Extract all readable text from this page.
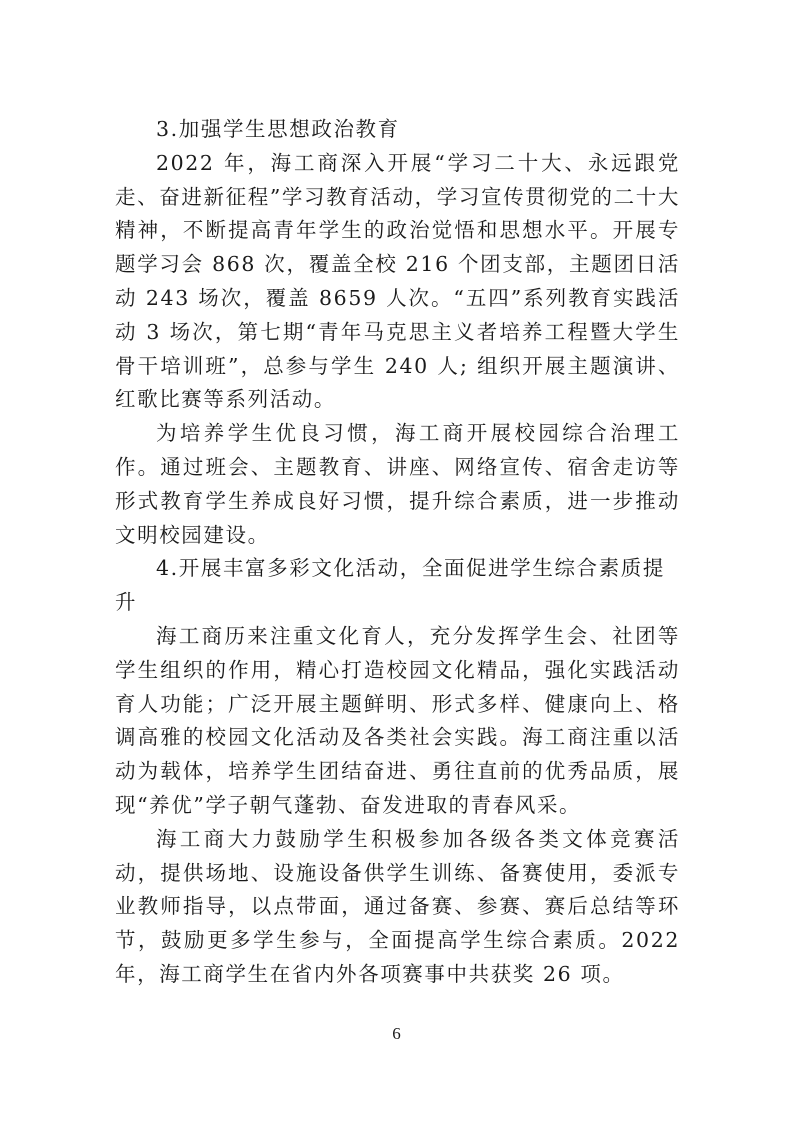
3.加强学生思想政治教育

2022 年，海工商深入开展“学习二十大、永远跟党走、奋进新征程”学习教育活动，学习宣传贯彻党的二十大精神，不断提高青年学生的政治觉悟和思想水平。开展专题学习会 868 次，覆盖全校 216 个团支部，主题团日活动 243 场次，覆盖 8659 人次。“五四”系列教育实践活动 3 场次，第七期“青年马克思主义者培养工程暨大学生骨干培训班”，总参与学生 240 人; 组织开展主题演讲、红歌比赛等系列活动。

为培养学生优良习惯，海工商开展校园综合治理工作。通过班会、主题教育、讲座、网络宣传、宿舍走访等形式教育学生养成良好习惯，提升综合素质，进一步推动文明校园建设。

4.开展丰富多彩文化活动，全面促进学生综合素质提升

海工商历来注重文化育人，充分发挥学生会、社团等学生组织的作用，精心打造校园文化精品，强化实践活动育人功能；广泛开展主题鲜明、形式多样、健康向上、格调高雅的校园文化活动及各类社会实践。海工商注重以活动为载体，培养学生团结奋进、勇往直前的优秀品质，展现“养优”学子朝气蓬勃、奋发进取的青春风采。

海工商大力鼓励学生积极参加各级各类文体竞赛活动，提供场地、设施设备供学生训练、备赛使用，委派专业教师指导，以点带面，通过备赛、参赛、赛后总结等环节，鼓励更多学生参与，全面提高学生综合素质。2022 年，海工商学生在省内外各项赛事中共获奖 26 项。

6
